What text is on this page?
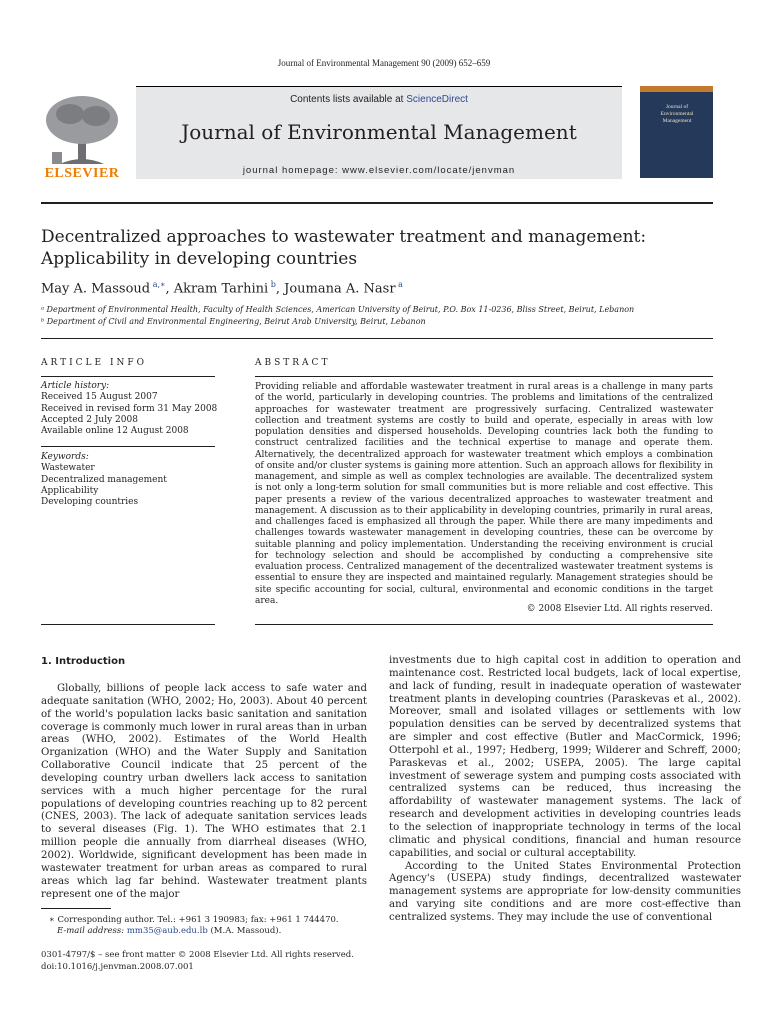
Journal of Environmental Management 90 (2009) 652–659
ELSEVIER
Contents lists available at ScienceDirect
Journal of Environmental Management
journal homepage: www.elsevier.com/locate/jenvman
Journal of
Environmental
Management
Decentralized approaches to wastewater treatment and management:
Applicability in developing countries
May A. Massoud  $^{a,∗}$, Akram Tarhini  $^b$, Joumana A. Nasr  $^a$
ᵃ Department of Environmental Health, Faculty of Health Sciences, American University of Beirut, P.O. Box 11-0236, Bliss Street, Beirut, Lebanon
ᵇ Department of Civil and Environmental Engineering, Beirut Arab University, Beirut, Lebanon
ARTICLE INFO
Article history:
Received 15 August 2007
Received in revised form 31 May 2008
Accepted 2 July 2008
Available online 12 August 2008
Keywords:
Wastewater
Decentralized management
Applicability
Developing countries
ABSTRACT
Providing reliable and affordable wastewater treatment in rural areas is a challenge in many parts of the world, particularly in developing countries. The problems and limitations of the centralized approaches for wastewater treatment are progressively surfacing. Centralized wastewater collection and treatment systems are costly to build and operate, especially in areas with low population densities and dispersed households. Developing countries lack both the funding to construct centralized facilities and the technical expertise to manage and operate them. Alternatively, the decentralized approach for wastewater treatment which employs a combination of onsite and/or cluster systems is gaining more attention. Such an approach allows for flexibility in management, and simple as well as complex technologies are available. The decentralized system is not only a long-term solution for small communities but is more reliable and cost effective. This paper presents a review of the various decentralized approaches to wastewater treatment and management. A discussion as to their applicability in developing countries, primarily in rural areas, and challenges faced is emphasized all through the paper. While there are many impediments and challenges towards wastewater management in developing countries, these can be overcome by suitable planning and policy implementation. Understanding the receiving environment is crucial for technology selection and should be accomplished by conducting a comprehensive site evaluation process. Centralized management of the decentralized wastewater treatment systems is essential to ensure they are inspected and maintained regularly. Management strategies should be site specific accounting for social, cultural, environmental and economic conditions in the target area.
© 2008 Elsevier Ltd. All rights reserved.
1. Introduction

Globally, billions of people lack access to safe water and adequate sanitation (WHO, 2002; Ho, 2003). About 40 percent of the world's population lacks basic sanitation and sanitation coverage is commonly much lower in rural areas than in urban areas (WHO, 2002). Estimates of the World Health Organization (WHO) and the Water Supply and Sanitation Collaborative Council indicate that 25 percent of the developing country urban dwellers lack access to sanitation services with a much higher percentage for the rural populations of developing countries reaching up to 82 percent (CNES, 2003). The lack of adequate sanitation services leads to several diseases (Fig. 1). The WHO estimates that 2.1 million people die annually from diarrheal diseases (WHO, 2002). Worldwide, significant development has been made in wastewater treatment for urban areas as compared to rural areas which lag far behind. Wastewater treatment plants represent one of the major

investments due to high capital cost in addition to operation and maintenance cost. Restricted local budgets, lack of local expertise, and lack of funding, result in inadequate operation of wastewater treatment plants in developing countries (Paraskevas et al., 2002). Moreover, small and isolated villages or settlements with low population densities can be served by decentralized systems that are simpler and cost effective (Butler and MacCormick, 1996; Otterpohl et al., 1997; Hedberg, 1999; Wilderer and Schreff, 2000; Paraskevas et al., 2002; USEPA, 2005). The large capital investment of sewerage system and pumping costs associated with centralized systems can be reduced, thus increasing the affordability of wastewater management systems. The lack of research and development activities in developing countries leads to the selection of inappropriate technology in terms of the local climatic and physical conditions, financial and human resource capabilities, and social or cultural acceptability.

According to the United States Environmental Protection Agency's (USEPA) study findings, decentralized wastewater management systems are appropriate for low-density communities and varying site conditions and are more cost-effective than centralized systems. They may include the use of conventional

∗ Corresponding author. Tel.: +961 3 190983; fax: +961 1 744470.
E-mail address: mm35@aub.edu.lb (M.A. Massoud).
0301-4797/$ – see front matter © 2008 Elsevier Ltd. All rights reserved.
doi:10.1016/j.jenvman.2008.07.001
